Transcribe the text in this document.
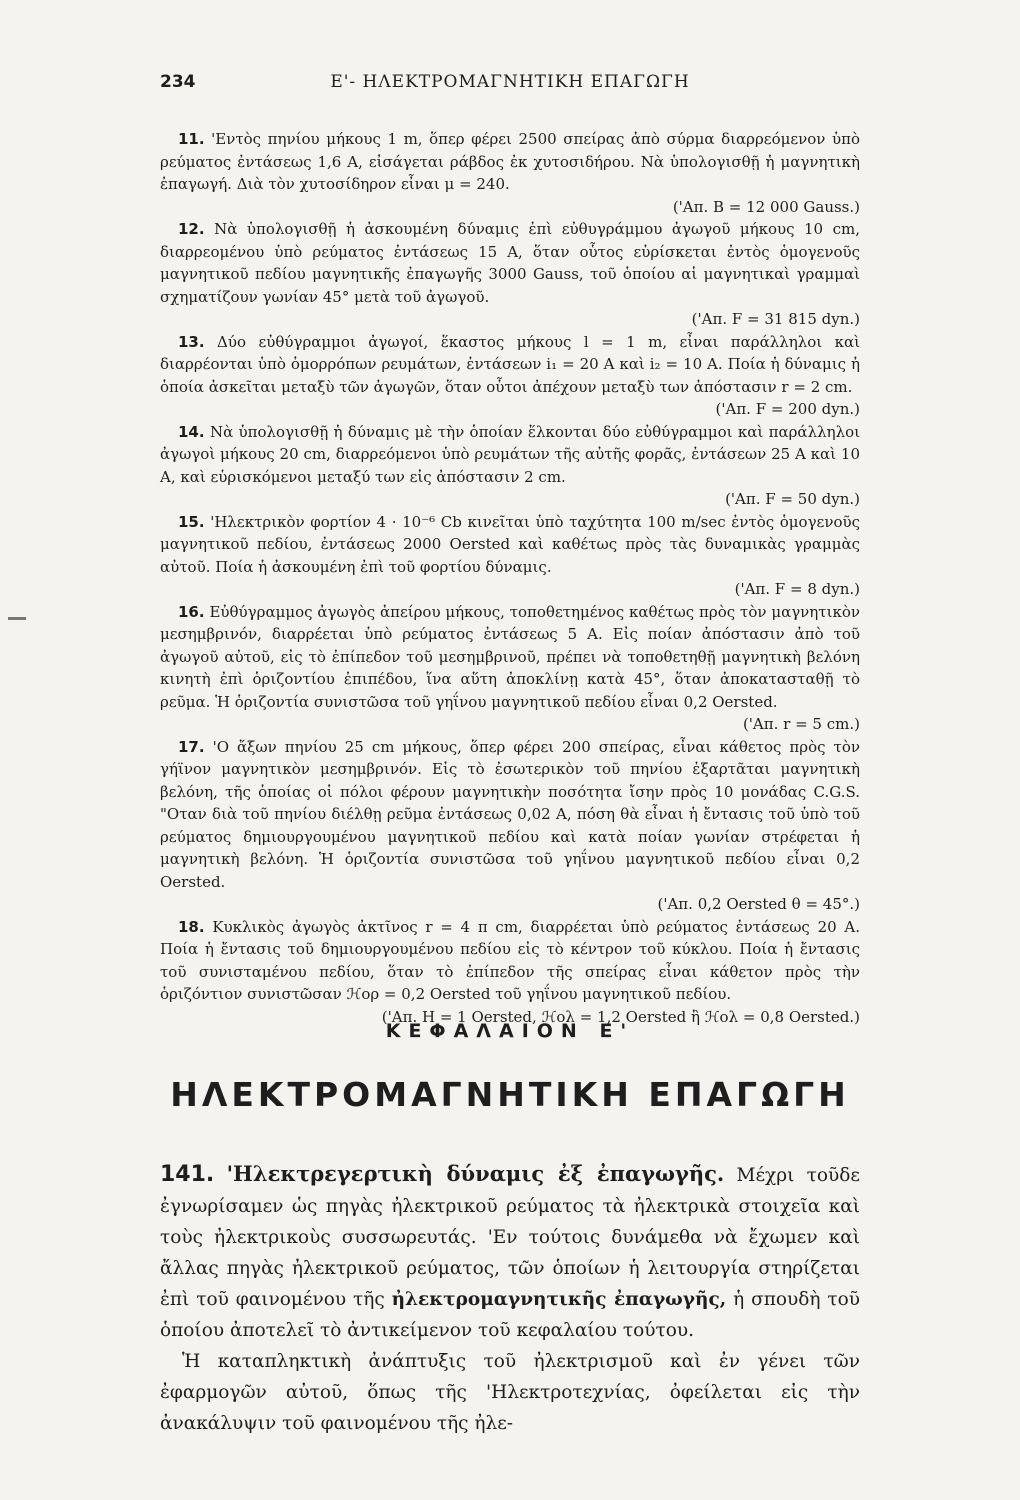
234	Ε'- ΗΛΕΚΤΡΟΜΑΓΝΗΤΙΚΗ ΕΠΑΓΩΓΗ

11. 'Εντὸς πηνίου μήκους 1 m, ὅπερ φέρει 2500 σπείρας ἀπὸ σύρμα διαρρεόμενον ὑπὸ ρεύματος ἐντάσεως 1,6 A, εἰσάγεται ράβδος ἐκ χυτοσιδήρου. Νὰ ὑπολογισθῇ ἡ μαγνητικὴ ἐπαγωγή. Διὰ τὸν χυτοσίδηρον εἶναι μ = 240.
('Απ. B = 12 000 Gauss.)

12. Νὰ ὑπολογισθῇ ἡ ἀσκουμένη δύναμις ἐπὶ εὐθυγράμμου ἀγωγοῦ μήκους 10 cm, διαρρεομένου ὑπὸ ρεύματος ἐντάσεως 15 A, ὅταν οὗτος εὑρίσκεται ἐντὸς ὁμογενοῦς μαγνητικοῦ πεδίου μαγνητικῆς ἐπαγωγῆς 3000 Gauss, τοῦ ὁποίου αἱ μαγνητικαὶ γραμμαὶ σχηματίζουν γωνίαν 45° μετὰ τοῦ ἀγωγοῦ.
('Απ. F = 31 815 dyn.)

13. Δύο εὐθύγραμμοι ἀγωγοί, ἕκαστος μήκους l = 1 m, εἶναι παράλληλοι καὶ διαρρέονται ὑπὸ ὁμορρόπων ρευμάτων, ἐντάσεων i₁ = 20 A καὶ i₂ = 10 A. Ποία ἡ δύναμις ἡ ὁποία ἀσκεῖται μεταξὺ τῶν ἀγωγῶν, ὅταν οὗτοι ἀπέχουν μεταξὺ των ἀπόστασιν r = 2 cm.
('Απ. F = 200 dyn.)

14. Νὰ ὑπολογισθῇ ἡ δύναμις μὲ τὴν ὁποίαν ἕλκονται δύο εὐθύγραμμοι καὶ παράλληλοι ἀγωγοὶ μήκους 20 cm, διαρρεόμενοι ὑπὸ ρευμάτων τῆς αὐτῆς φορᾶς, ἐντάσεων 25 A καὶ 10 A, καὶ εὑρισκόμενοι μεταξύ των εἰς ἀπόστασιν 2 cm.
('Απ. F = 50 dyn.)

15. 'Ηλεκτρικὸν φορτίον 4 · 10⁻⁶ Cb κινεῖται ὑπὸ ταχύτητα 100 m/sec ἐντὸς ὁμογενοῦς μαγνητικοῦ πεδίου, ἐντάσεως 2000 Oersted καὶ καθέτως πρὸς τὰς δυναμικὰς γραμμὰς αὐτοῦ. Ποία ἡ ἀσκουμένη ἐπὶ τοῦ φορτίου δύναμις.
('Απ. F = 8 dyn.)

16. Εὐθύγραμμος ἀγωγὸς ἀπείρου μήκους, τοποθετημένος καθέτως πρὸς τὸν μαγνητικὸν μεσημβρινόν, διαρρέεται ὑπὸ ρεύματος ἐντάσεως 5 A. Εἰς ποίαν ἀπόστασιν ἀπὸ τοῦ ἀγωγοῦ αὐτοῦ, εἰς τὸ ἐπίπεδον τοῦ μεσημβρινοῦ, πρέπει νὰ τοποθετηθῇ μαγνητικὴ βελόνη κινητὴ ἐπὶ ὁριζοντίου ἐπιπέδου, ἵνα αὕτη ἀποκλίνῃ κατὰ 45°, ὅταν ἀποκατασταθῇ τὸ ρεῦμα. Ἡ ὁριζοντία συνιστῶσα τοῦ γηΐνου μαγνητικοῦ πεδίου εἶναι 0,2 Oersted.
('Απ. r = 5 cm.)

17. 'Ο ἄξων πηνίου 25 cm μήκους, ὅπερ φέρει 200 σπείρας, εἶναι κάθετος πρὸς τὸν γήϊνον μαγνητικὸν μεσημβρινόν. Εἰς τὸ ἐσωτερικὸν τοῦ πηνίου ἐξαρτᾶται μαγνητικὴ βελόνη, τῆς ὁποίας οἱ πόλοι φέρουν μαγνητικὴν ποσότητα ἴσην πρὸς 10 μονάδας C.G.S. "Οταν διὰ τοῦ πηνίου διέλθῃ ρεῦμα ἐντάσεως 0,02 A, πόση θὰ εἶναι ἡ ἔντασις τοῦ ὑπὸ τοῦ ρεύματος δημιουργουμένου μαγνητικοῦ πεδίου καὶ κατὰ ποίαν γωνίαν στρέφεται ἡ μαγνητικὴ βελόνη. Ἡ ὁριζοντία συνιστῶσα τοῦ γηΐνου μαγνητικοῦ πεδίου εἶναι 0,2 Oersted.
('Απ. 0,2 Oersted θ = 45°.)

18. Κυκλικὸς ἀγωγὸς ἀκτῖνος r = 4 π cm, διαρρέεται ὑπὸ ρεύματος ἐντάσεως 20 A. Ποία ἡ ἔντασις τοῦ δημιουργουμένου πεδίου εἰς τὸ κέντρον τοῦ κύκλου. Ποία ἡ ἔντασις τοῦ συνισταμένου πεδίου, ὅταν τὸ ἐπίπεδον τῆς σπείρας εἶναι κάθετον πρὸς τὴν ὁριζόντιον συνιστῶσαν ℋορ = 0,2 Oersted τοῦ γηΐνου μαγνητικοῦ πεδίου.
('Απ. H = 1 Oersted, ℋολ = 1,2 Oersted ἢ ℋολ = 0,8 Oersted.)

ΚΕΦΑΛΑΙΟΝ Ε'
ΗΛΕΚΤΡΟΜΑΓΝΗΤΙΚΗ ΕΠΑΓΩΓΗ

141. 'Ηλεκτρεγερτικὴ δύναμις ἐξ ἐπαγωγῆς. Μέχρι τοῦδε ἐγνωρίσαμεν ὡς πηγὰς ἠλεκτρικοῦ ρεύματος τὰ ἠλεκτρικὰ στοιχεῖα καὶ τοὺς ἠλεκτρικοὺς συσσωρευτάς. 'Εν τούτοις δυνάμεθα νὰ ἔχωμεν καὶ ἄλλας πηγὰς ἠλεκτρικοῦ ρεύματος, τῶν ὁποίων ἡ λειτουργία στηρίζεται ἐπὶ τοῦ φαινομένου τῆς ἠλεκτρομαγνητικῆς ἐπαγωγῆς, ἡ σπουδὴ τοῦ ὁποίου ἀποτελεῖ τὸ ἀντικείμενον τοῦ κεφαλαίου τούτου.

Ἡ καταπληκτικὴ ἀνάπτυξις τοῦ ἠλεκτρισμοῦ καὶ ἐν γένει τῶν ἐφαρμογῶν αὐτοῦ, ὅπως τῆς 'Ηλεκτροτεχνίας, ὀφείλεται εἰς τὴν ἀνακάλυψιν τοῦ φαινομένου τῆς ἠλε-
